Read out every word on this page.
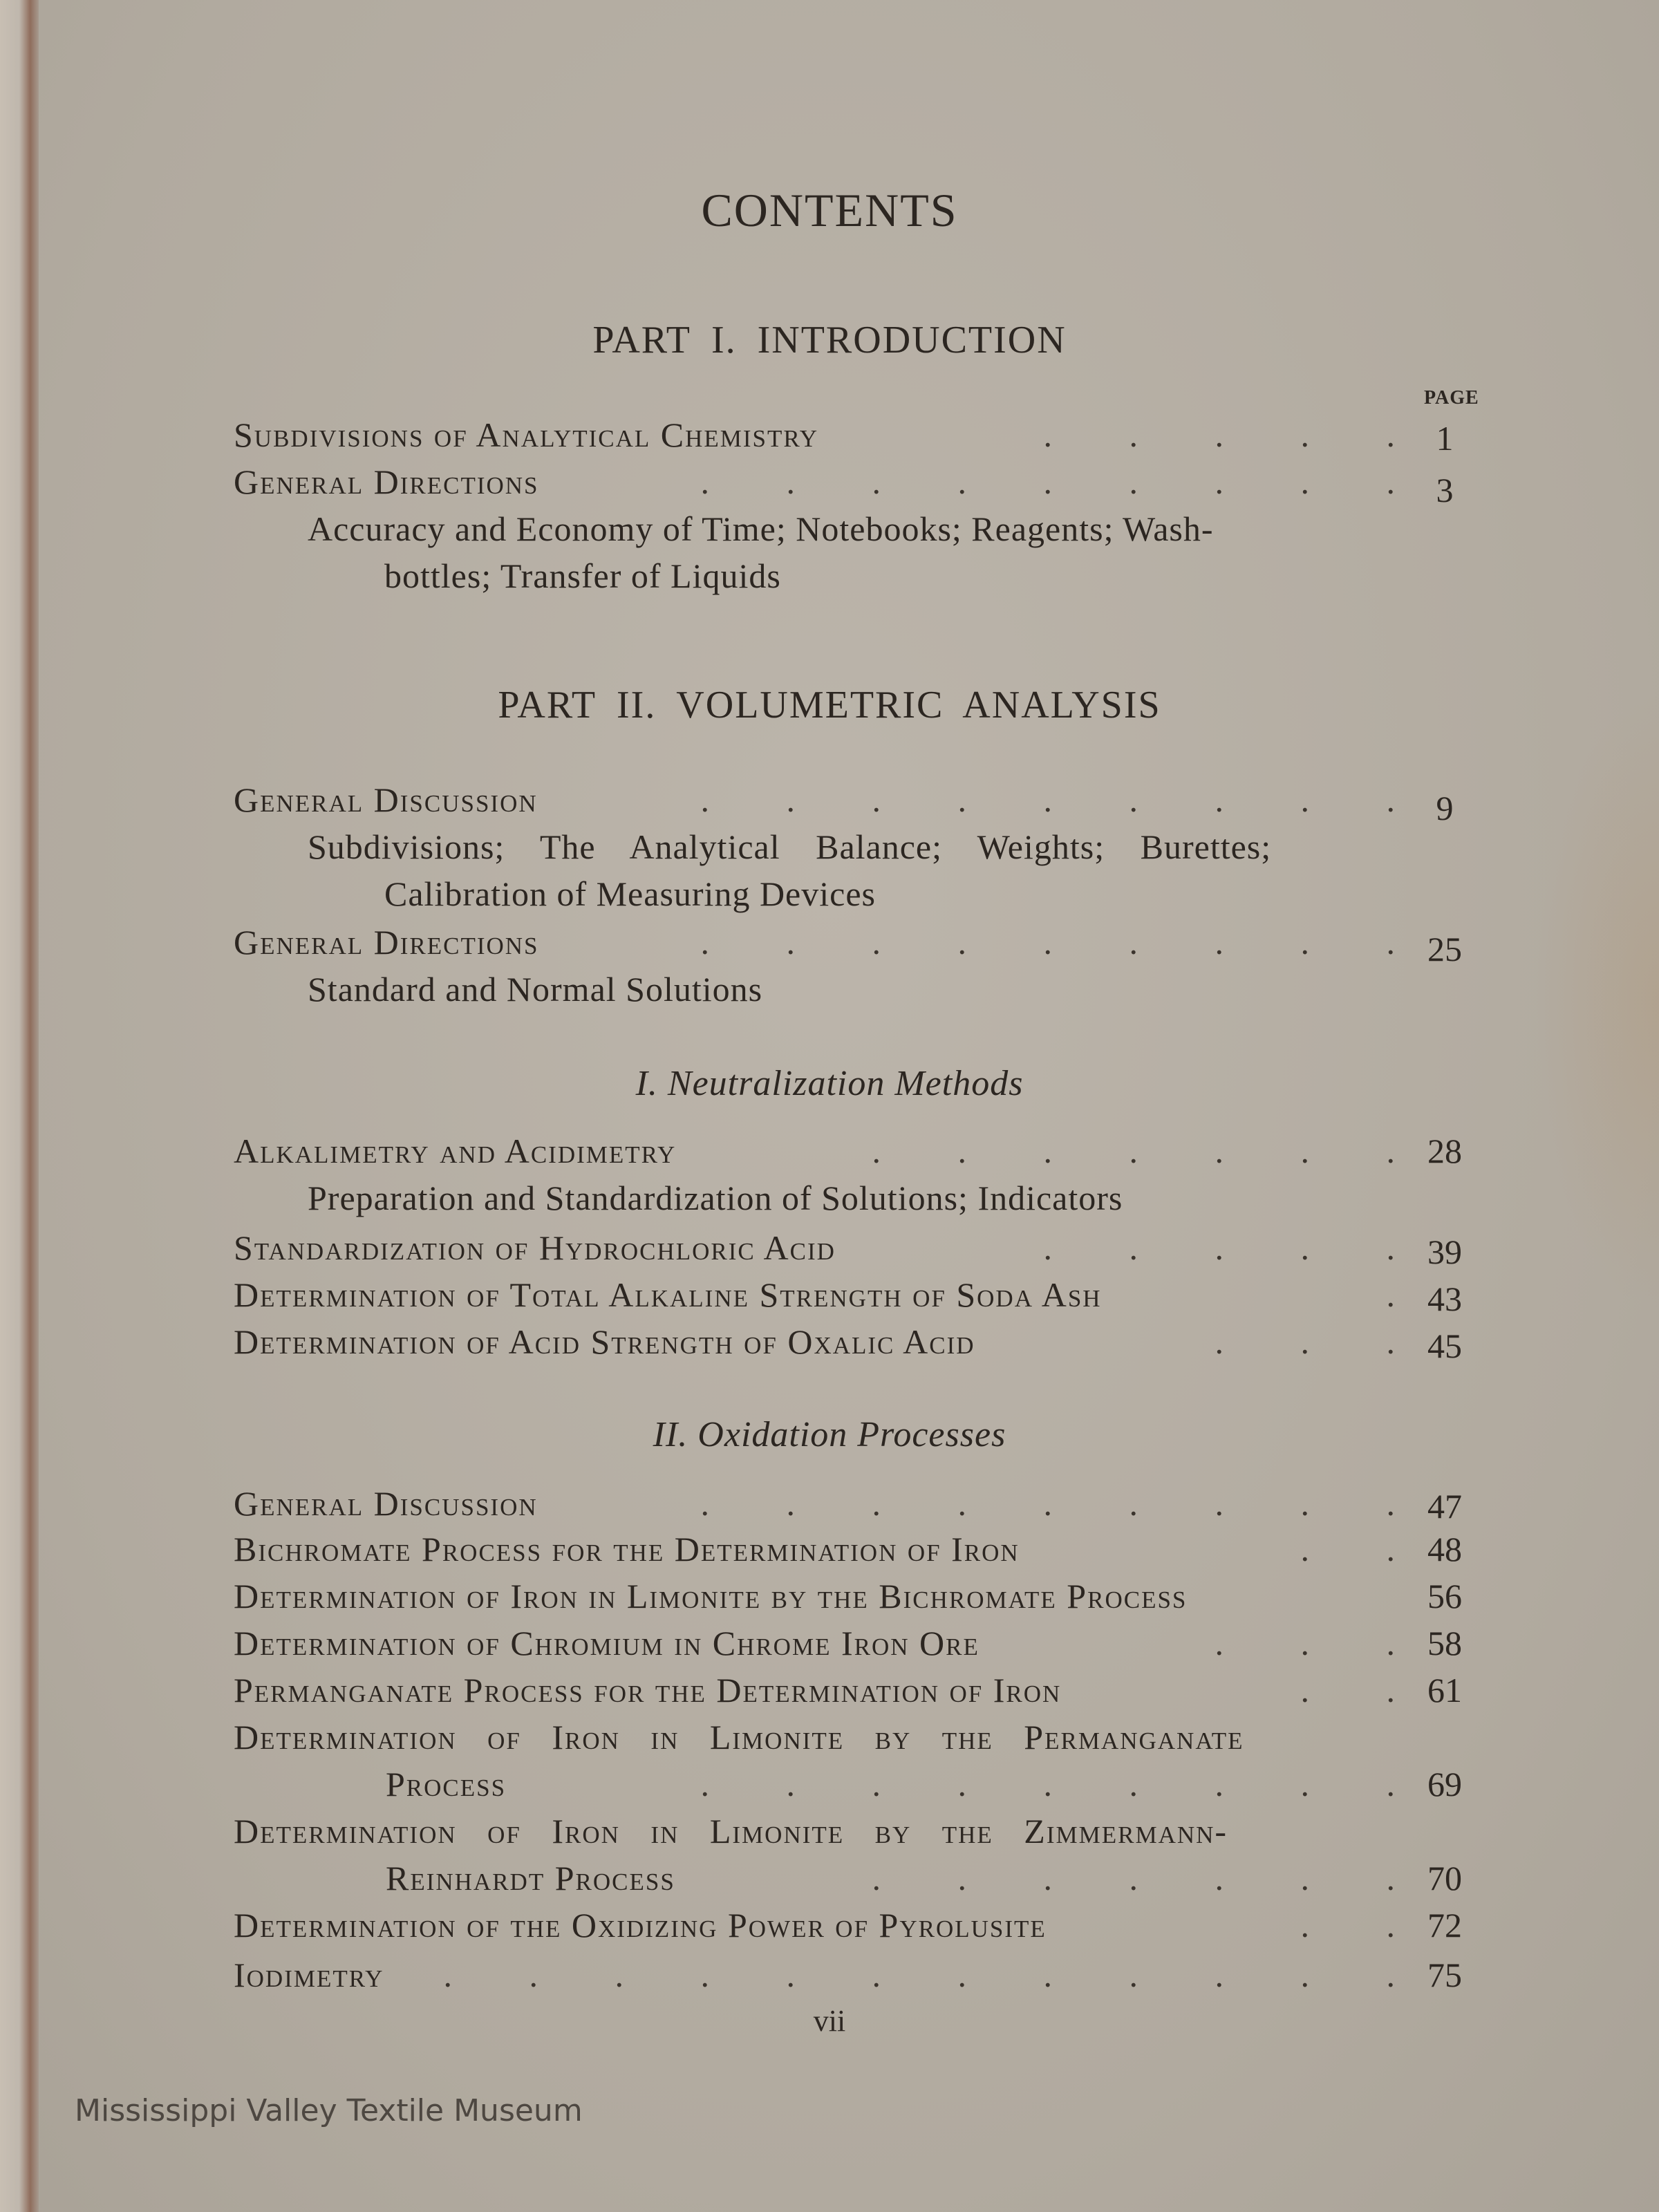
CONTENTS
PART I. INTRODUCTION
PAGE
Subdivisions of Analytical Chemistry	. . . . .	1
General Directions	. . . . . . . . .	3
Accuracy and Economy of Time; Notebooks; Reagents; Wash-
bottles; Transfer of Liquids
PART II. VOLUMETRIC ANALYSIS
General Discussion	. . . . . . . . .	9
Subdivisions; The Analytical Balance; Weights; Burettes;
Calibration of Measuring Devices
General Directions	. . . . . . . . . 25
Standard and Normal Solutions
I. Neutralization Methods
Alkalimetry and Acidimetry	. . . . . . . 28
Preparation and Standardization of Solutions; Indicators
Standardization of Hydrochloric Acid	. . . . . 39
Determination of Total Alkaline Strength of Soda Ash	. 43
Determination of Acid Strength of Oxalic Acid	. . . 45
II. Oxidation Processes
General Discussion	. . . . . . . . . 47
Bichromate Process for the Determination of Iron	. . 48
Determination of Iron in Limonite by the Bichromate Process	56
Determination of Chromium in Chrome Iron Ore	. . . 58
Permanganate Process for the Determination of Iron	. . 61
Determination of Iron in Limonite by the Permanganate
Process	. . . . . . . . . 69
Determination of Iron in Limonite by the Zimmermann-
Reinhardt Process	. . . . . . . 70
Determination of the Oxidizing Power of Pyrolusite	. . 72
Iodimetry	. . . . . . . . . . . . 75
vii
Mississippi Valley Textile Museum
